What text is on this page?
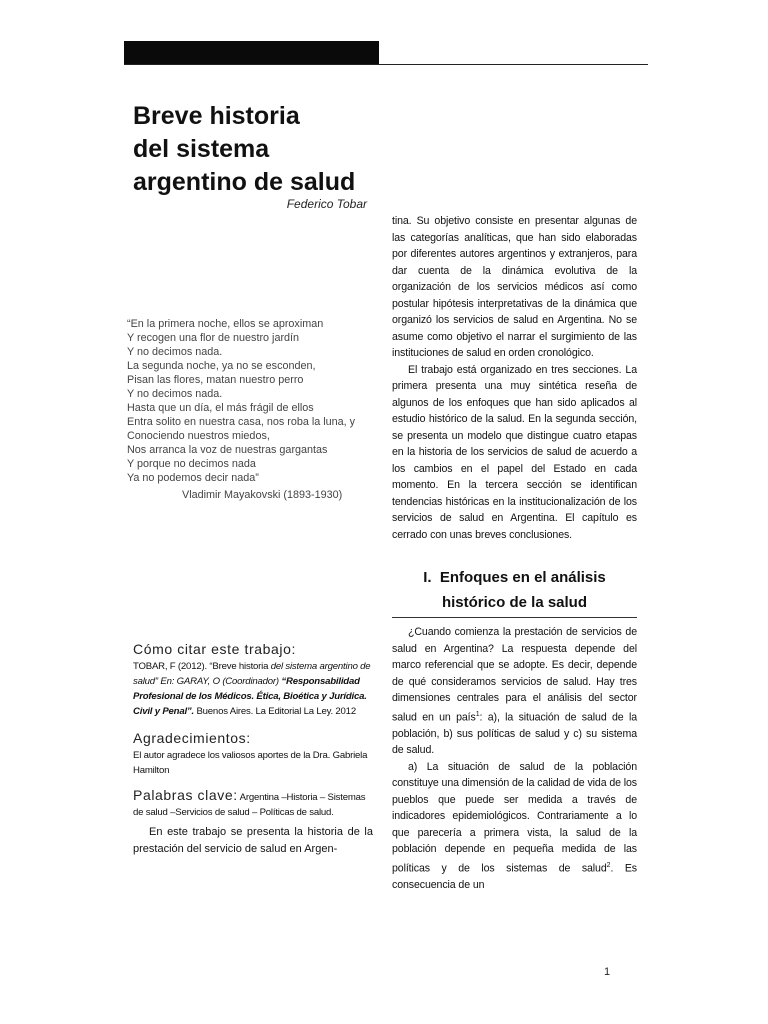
Breve historia
del sistema
argentino de salud
Federico Tobar
“En la primera noche, ellos se aproximan
Y recogen una flor de nuestro jardín
Y no decimos nada.
La segunda noche, ya no se esconden,
Pisan las flores, matan nuestro perro
Y no decimos nada.
Hasta que un día, el más frágil de ellos
Entra solito en nuestra casa, nos roba la luna, y
Conociendo nuestros miedos,
Nos arranca la voz de nuestras gargantas
Y porque no decimos nada
Ya no podemos decir nada”
Vladimir Mayakovski (1893-1930)
Cómo citar este trabajo:
TOBAR, F (2012). “Breve historia del sistema argentino de salud” En: GARAY, O (Coordinador) “Responsabilidad Profesional de los Médicos. Ética, Bioética y Jurídica. Civil y Penal”. Buenos Aires. La Editorial La Ley. 2012
Agradecimientos:
El autor agradece los valiosos aportes de la Dra. Gabriela Hamilton
Palabras clave: Argentina –Historia – Sistemas de salud –Servicios de salud – Políticas de salud.
En este trabajo se presenta la historia de la prestación del servicio de salud en Argen-
tina. Su objetivo consiste en presentar algunas de las categorías analíticas, que han sido elaboradas por diferentes autores argentinos y extranjeros, para dar cuenta de la dinámica evolutiva de la organización de los servicios médicos así como postular hipótesis interpretativas de la dinámica que organizó los servicios de salud en Argentina. No se asume como objetivo el narrar el surgimiento de las instituciones de salud en orden cronológico.
El trabajo está organizado en tres secciones. La primera presenta una muy sintética reseña de algunos de los enfoques que han sido aplicados al estudio histórico de la salud. En la segunda sección, se presenta un modelo que distingue cuatro etapas en la historia de los servicios de salud de acuerdo a los cambios en el papel del Estado en cada momento. En la tercera sección se identifican tendencias históricas en la institucionalización de los servicios de salud en Argentina. El capítulo es cerrado con unas breves conclusiones.
I. Enfoques en el análisis
histórico de la salud
¿Cuando comienza la prestación de servicios de salud en Argentina? La respuesta depende del marco referencial que se adopte. Es decir, depende de qué consideramos servicios de salud. Hay tres dimensiones centrales para el análisis del sector salud en un país$^1$: a), la situación de salud de la población, b) sus políticas de salud y c) su sistema de salud.
a) La situación de salud de la población constituye una dimensión de la calidad de vida de los pueblos que puede ser medida a través de indicadores epidemiológicos. Contrariamente a lo que parecería a primera vista, la salud de la población depende en pequeña medida de las políticas y de los sistemas de salud$^2$. Es consecuencia de un
1
